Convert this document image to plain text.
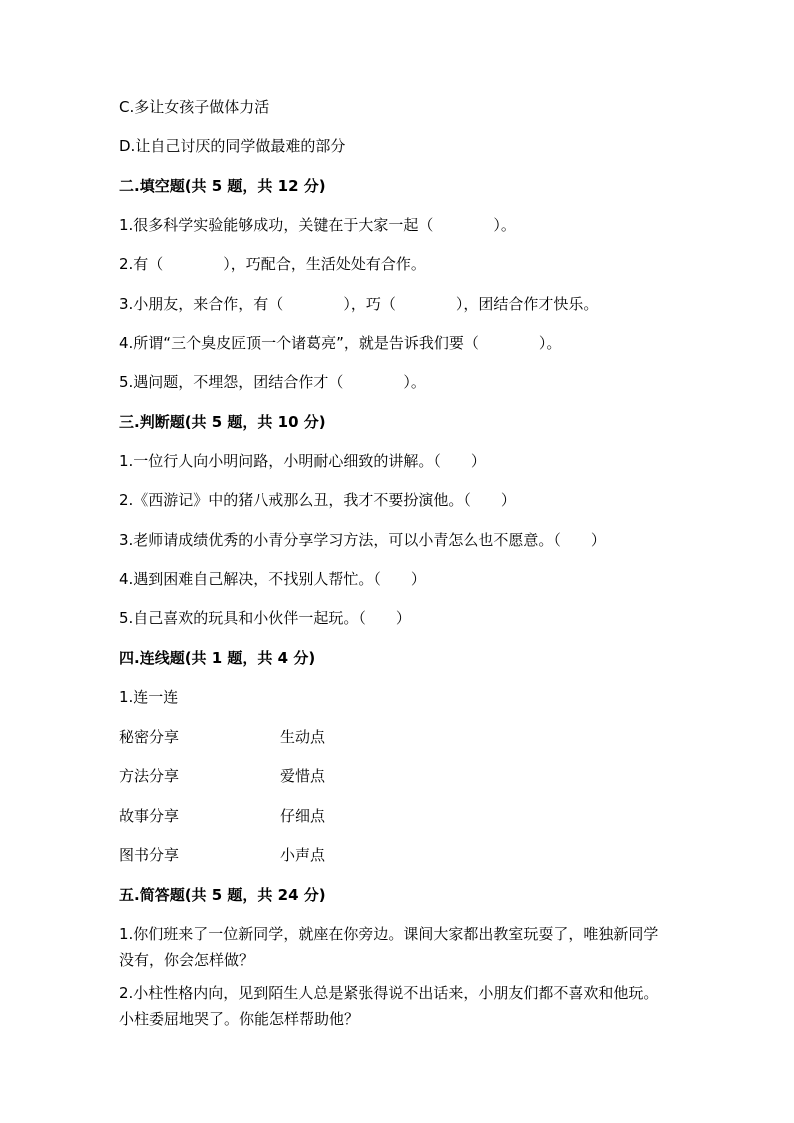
C.多让女孩子做体力活
D.让自己讨厌的同学做最难的部分
二.填空题(共 5 题，共 12 分)
1.很多科学实验能够成功，关键在于大家一起（　　　　）。
2.有（　　　　），巧配合，生活处处有合作。
3.小朋友，来合作，有（　　　　），巧（　　　　），团结合作才快乐。
4.所谓“三个臭皮匠顶一个诸葛亮”，就是告诉我们要（　　　　）。
5.遇问题，不埋怨，团结合作才（　　　　）。
三.判断题(共 5 题，共 10 分)
1.一位行人向小明问路，小明耐心细致的讲解。（　　）
2.《西游记》中的猪八戒那么丑，我才不要扮演他。（　　）
3.老师请成绩优秀的小青分享学习方法，可以小青怎么也不愿意。（　　）
4.遇到困难自己解决，不找别人帮忙。（　　）
5.自己喜欢的玩具和小伙伴一起玩。（　　）
四.连线题(共 1 题，共 4 分)
1.连一连
秘密分享	生动点
方法分享	爱惜点
故事分享	仔细点
图书分享	小声点
五.简答题(共 5 题，共 24 分)
1.你们班来了一位新同学，就座在你旁边。课间大家都出教室玩耍了，唯独新同学没有，你会怎样做？
2.小柱性格内向，见到陌生人总是紧张得说不出话来，小朋友们都不喜欢和他玩。小柱委屈地哭了。你能怎样帮助他？
